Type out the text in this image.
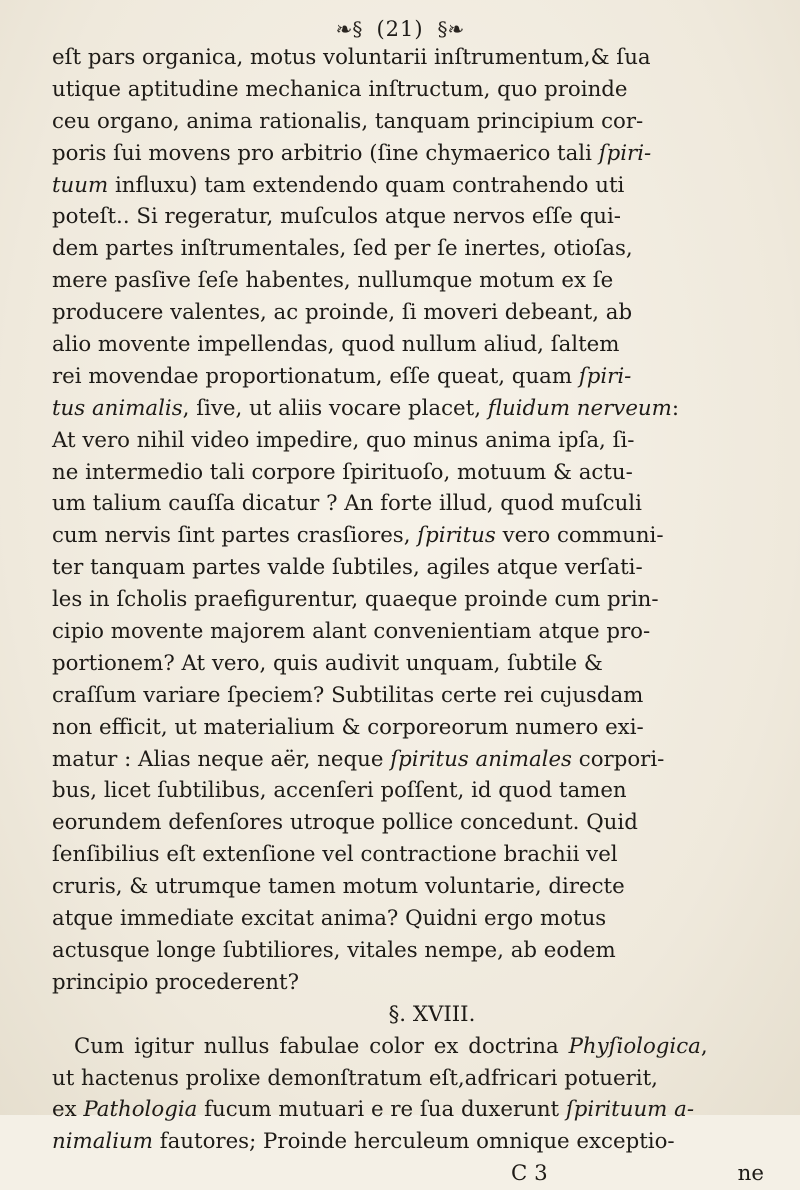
❧§ (21) §❧
eſt pars organica, motus voluntarii inſtrumentum,& ſua
utique aptitudine mechanica inſtructum, quo proinde
ceu organo, anima rationalis, tanquam principium cor-
poris ſui movens pro arbitrio (ſine chymaerico tali ſpiri-
tuum influxu) tam extendendo quam contrahendo uti
poteſt.. Si regeratur, muſculos atque nervos eſſe qui-
dem partes inſtrumentales, ſed per ſe inertes, otioſas,
mere pasſive ſeſe habentes, nullumque motum ex ſe
producere valentes, ac proinde, ſi moveri debeant, ab
alio movente impellendas, quod nullum aliud, ſaltem
rei movendae proportionatum, eſſe queat, quam ſpiri-
tus animalis, ſive, ut aliis vocare placet, fluidum nerveum:
At vero nihil video impedire, quo minus anima ipſa, ſi-
ne intermedio tali corpore ſpirituoſo, motuum & actu-
um talium cauſſa dicatur ? An forte illud, quod muſculi
cum nervis ſint partes crasſiores, ſpiritus vero communi-
ter tanquam partes valde ſubtiles, agiles atque verſati-
les in ſcholis praefigurentur, quaeque proinde cum prin-
cipio movente majorem alant convenientiam atque pro-
portionem? At vero, quis audivit unquam, ſubtile &
craſſum variare ſpeciem? Subtilitas certe rei cujusdam
non efficit, ut materialium & corporeorum numero exi-
matur : Alias neque aër, neque ſpiritus animales corpori-
bus, licet ſubtilibus, accenſeri poſſent, id quod tamen
eorundem defenſores utroque pollice concedunt. Quid
ſenſibilius eſt extenſione vel contractione brachii vel
cruris, & utrumque tamen motum voluntarie, directe
atque immediate excitat anima? Quidni ergo motus
actusque longe ſubtiliores, vitales nempe, ab eodem
principio procederent?
§. XVIII.
Cum igitur nullus fabulae color ex doctrina Phyſiologica,
ut hactenus prolixe demonſtratum eſt,adfricari potuerit,
ex Pathologia fucum mutuari e re ſua duxerunt ſpirituum a-
nimalium fautores; Proinde herculeum omnique exceptio-
C 3	ne
